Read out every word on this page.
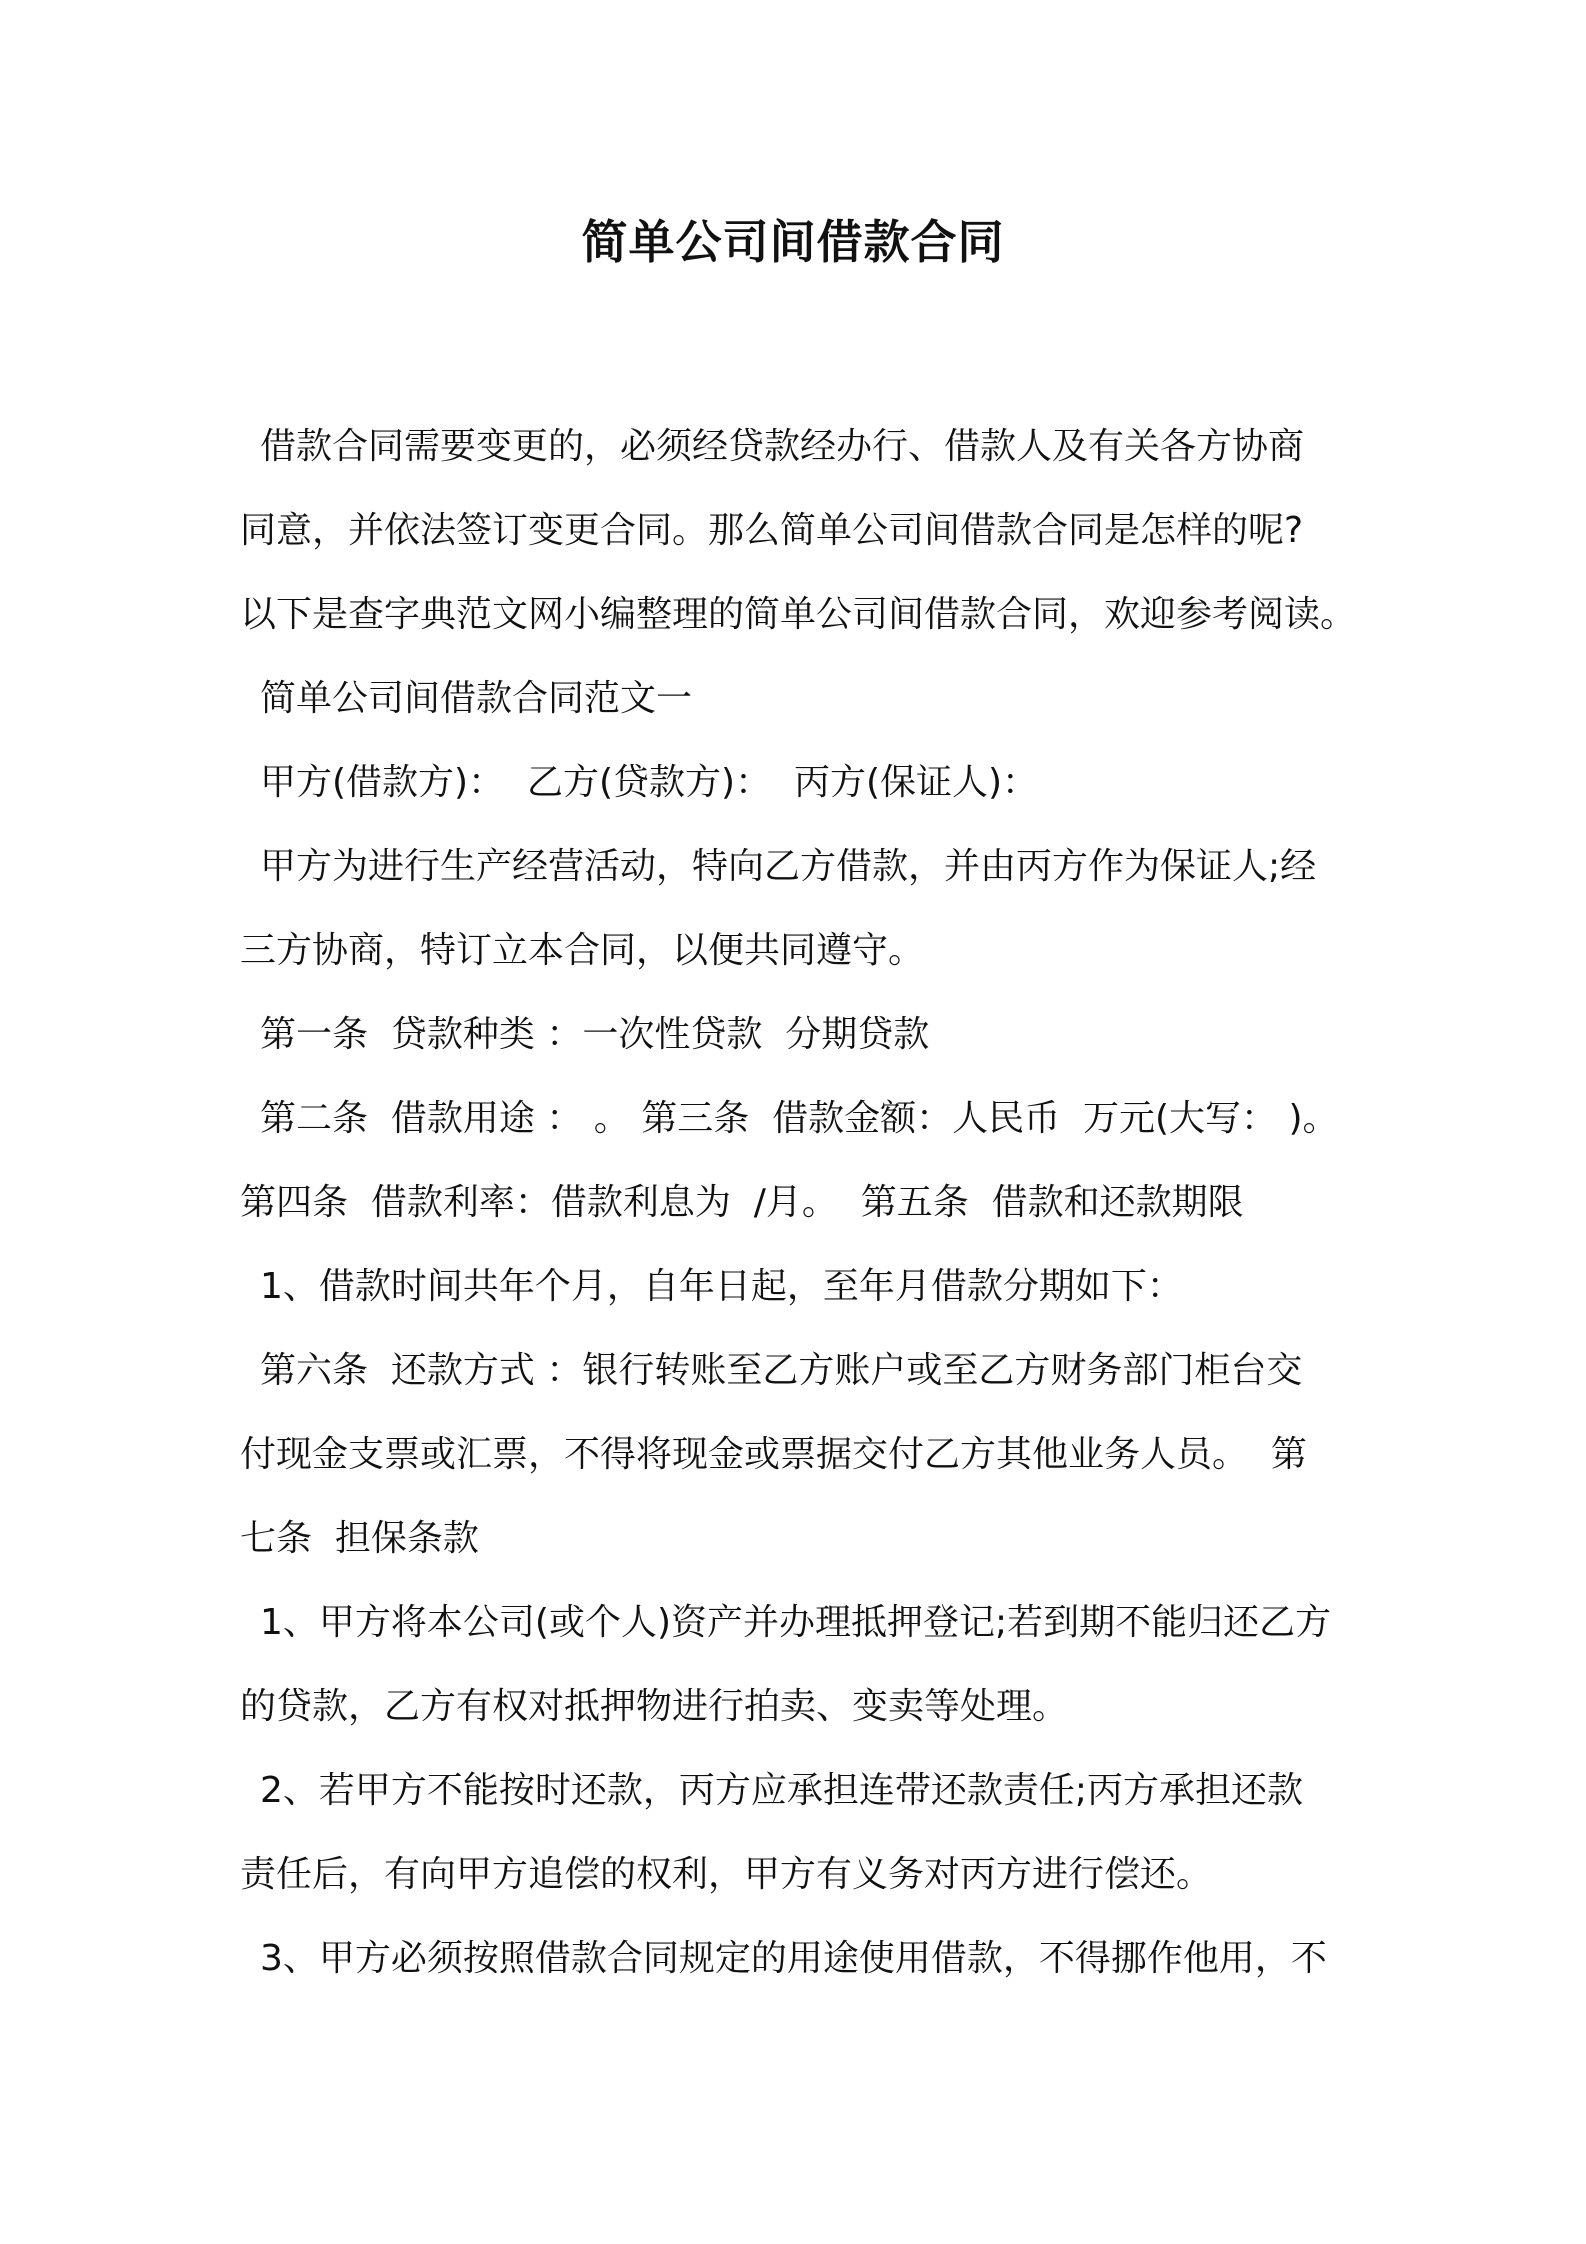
简单公司间借款合同

借款合同需要变更的，必须经贷款经办行、借款人及有关各方协商

同意，并依法签订变更合同。那么简单公司间借款合同是怎样的呢?

以下是查字典范文网小编整理的简单公司间借款合同，欢迎参考阅读。

简单公司间借款合同范文一

甲方(借款方)：  乙方(贷款方)：  丙方(保证人)：

甲方为进行生产经营活动，特向乙方借款，并由丙方作为保证人;经

三方协商，特订立本合同，以便共同遵守。

第一条  贷款种类 ：一次性贷款  分期贷款

第二条  借款用途 ： 。 第三条  借款金额：人民币  万元(大写： )。

第四条  借款利率：借款利息为  /月。  第五条  借款和还款期限

1、借款时间共年个月，自年日起，至年月借款分期如下：

第六条  还款方式 ：银行转账至乙方账户或至乙方财务部门柜台交

付现金支票或汇票，不得将现金或票据交付乙方其他业务人员。  第

七条  担保条款

1、甲方将本公司(或个人)资产并办理抵押登记;若到期不能归还乙方

的贷款，乙方有权对抵押物进行拍卖、变卖等处理。

2、若甲方不能按时还款，丙方应承担连带还款责任;丙方承担还款

责任后，有向甲方追偿的权利，甲方有义务对丙方进行偿还。

3、甲方必须按照借款合同规定的用途使用借款，不得挪作他用，不
